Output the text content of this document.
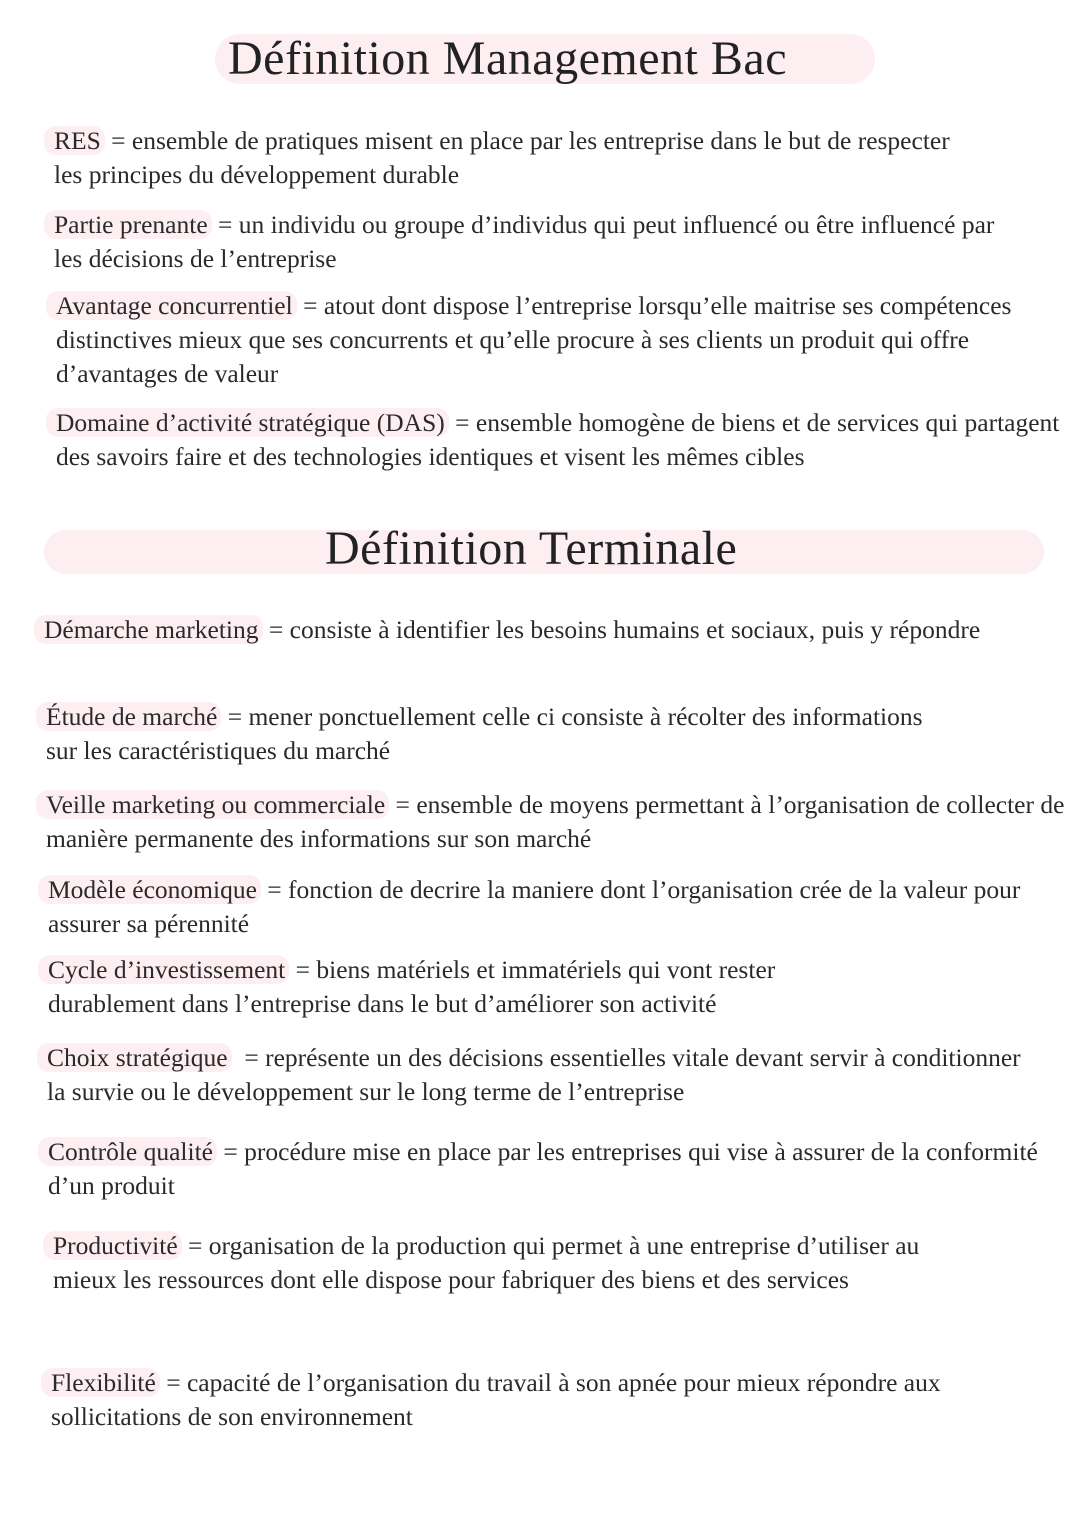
Définition Management Bac
RES = ensemble de pratiques misent en place par les entreprise dans le but de respecter les principes du développement durable
Partie prenante = un individu ou groupe d’individus qui peut influencé ou être influencé par les décisions de l’entreprise
Avantage concurrentiel = atout dont dispose l’entreprise lorsqu’elle maitrise ses compétences distinctives mieux que ses concurrents et qu’elle procure à ses clients un produit qui offre d’avantages de valeur
Domaine d’activité stratégique (DAS) = ensemble homogène de biens et de services qui partagent des savoirs faire et des technologies identiques et visent les mêmes cibles
Définition Terminale
Démarche marketing = consiste à identifier les besoins humains et sociaux, puis y répondre
Étude de marché = mener ponctuellement celle ci consiste à récolter des informations sur les caractéristiques du marché
Veille marketing ou commerciale = ensemble de moyens permettant à l’organisation de collecter de manière permanente des informations sur son marché
Modèle économique = fonction de decrire la maniere dont l’organisation crée de la valeur pour assurer sa pérennité
Cycle d’investissement = biens matériels et immatériels qui vont rester durablement dans l’entreprise dans le but d’améliorer son activité
Choix stratégique  = représente un des décisions essentielles vitale devant servir à conditionner la survie ou le développement sur le long terme de l’entreprise
Contrôle qualité = procédure mise en place par les entreprises qui vise à assurer de la conformité d’un produit
Productivité = organisation de la production qui permet à une entreprise d’utiliser au mieux les ressources dont elle dispose pour fabriquer des biens et des services
Flexibilité = capacité de l’organisation du travail à son apnée pour mieux répondre aux sollicitations de son environnement
